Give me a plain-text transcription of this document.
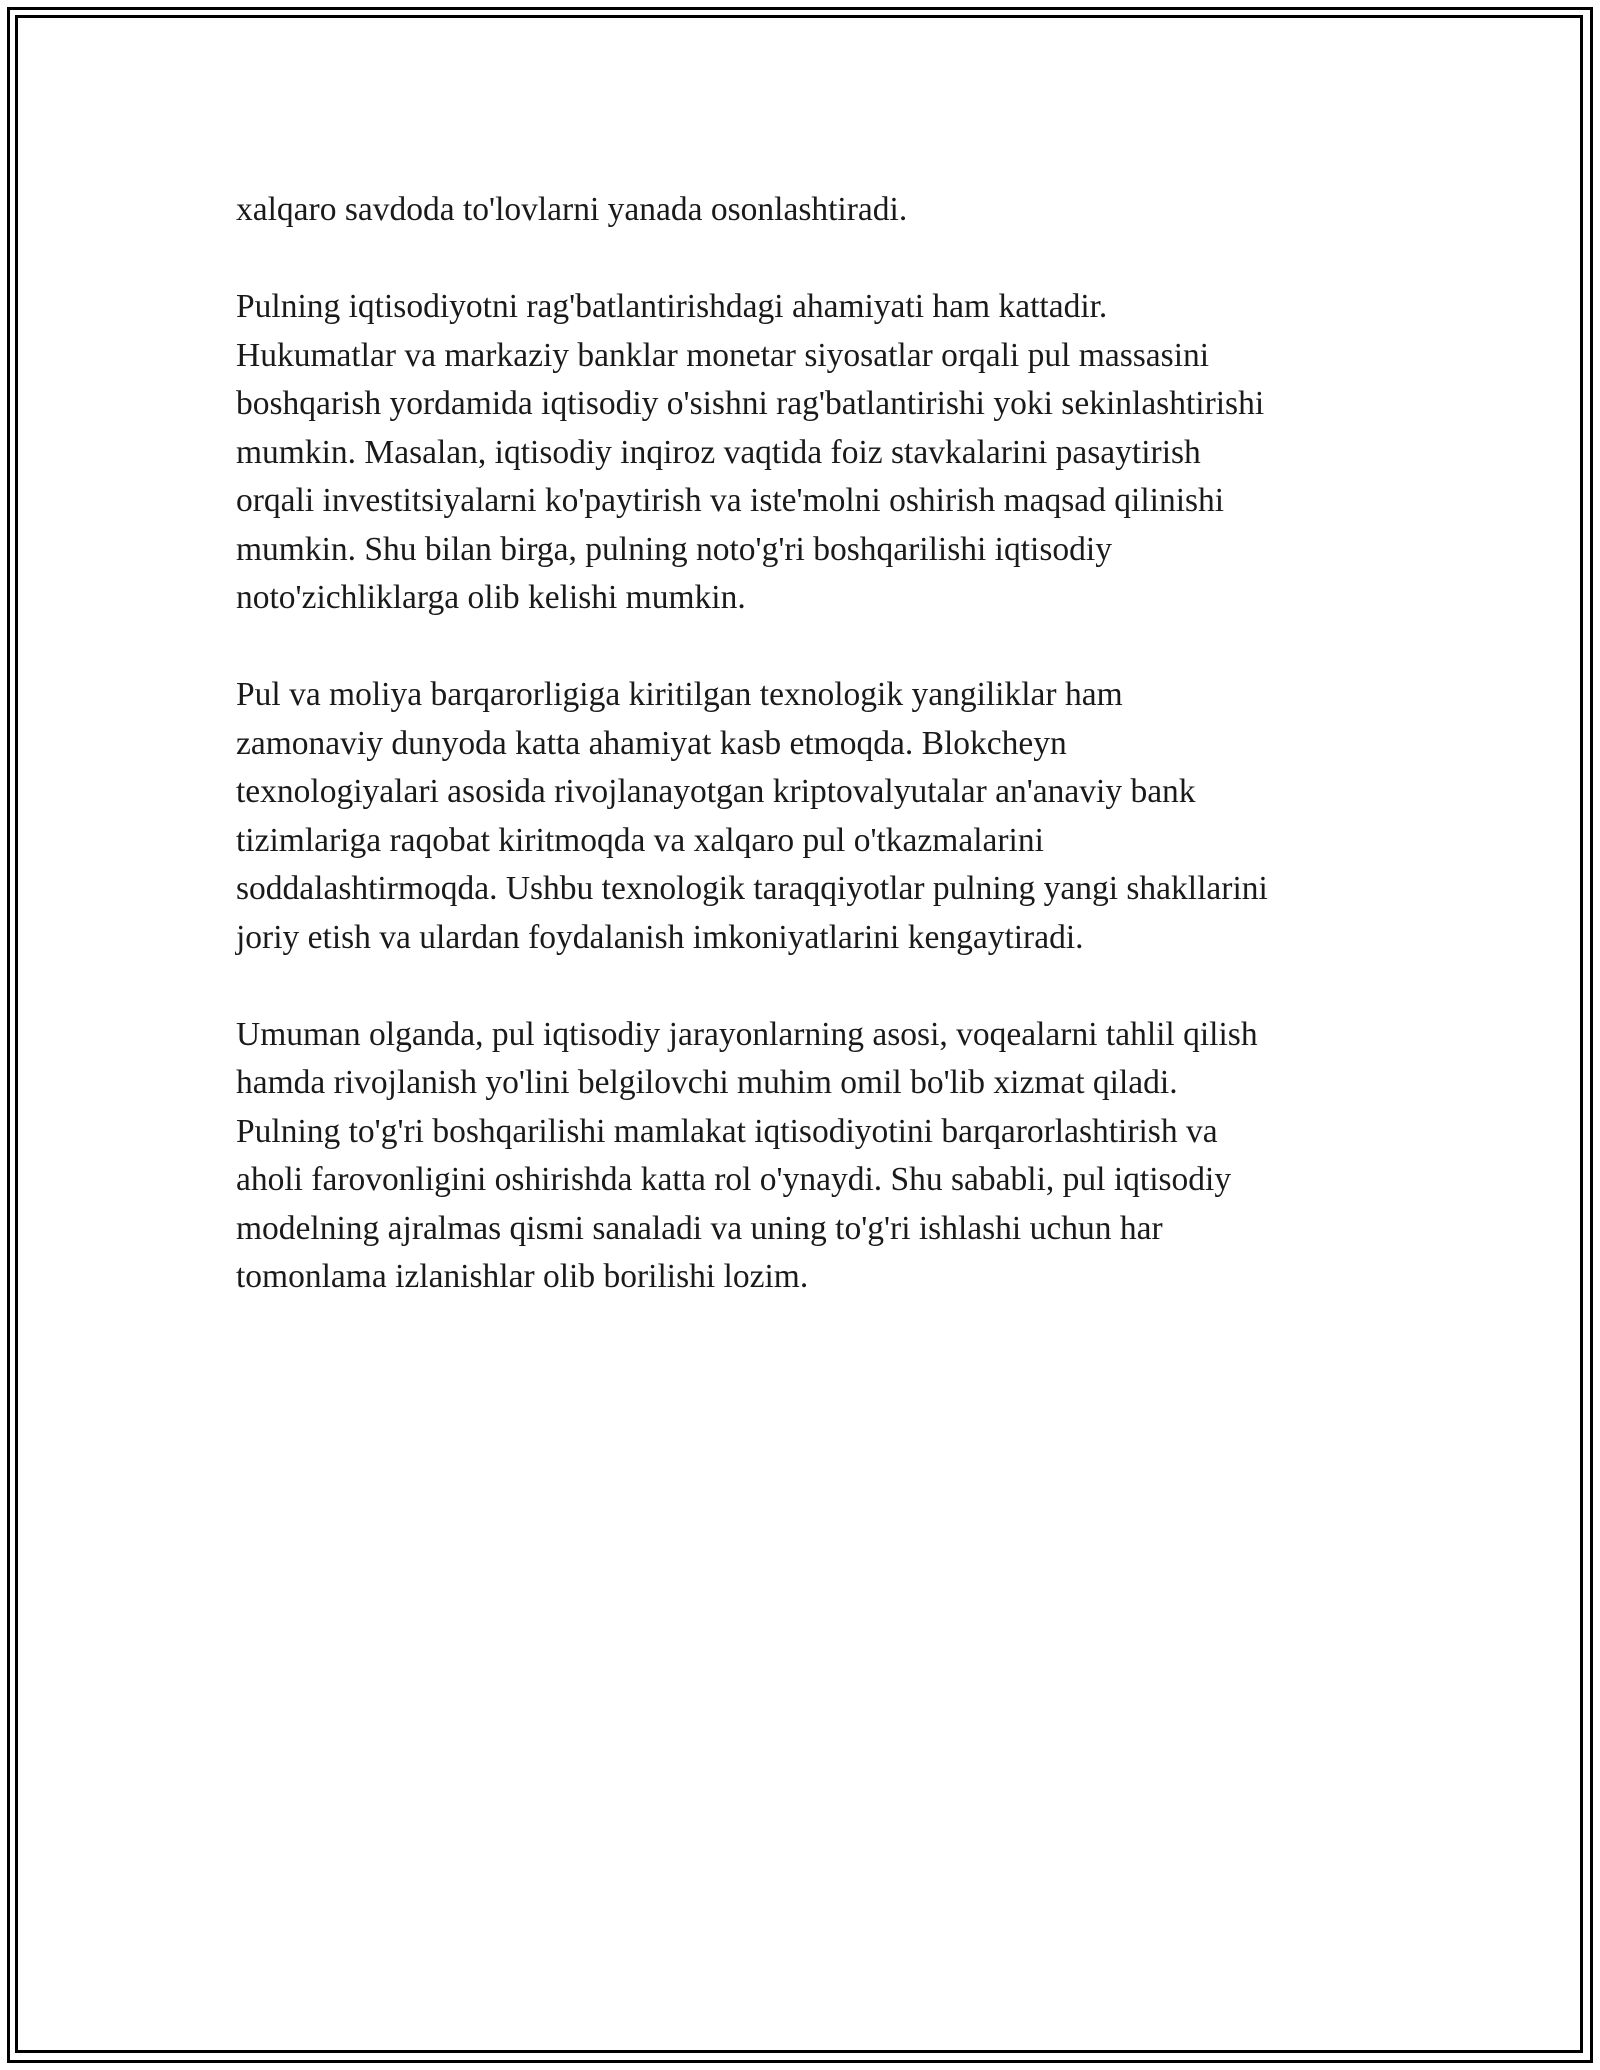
xalqaro savdoda to'lovlarni yanada osonlashtiradi.

Pulning iqtisodiyotni rag'batlantirishdagi ahamiyati ham kattadir.
Hukumatlar va markaziy banklar monetar siyosatlar orqali pul massasini
boshqarish yordamida iqtisodiy o'sishni rag'batlantirishi yoki sekinlashtirishi
mumkin. Masalan, iqtisodiy inqiroz vaqtida foiz stavkalarini pasaytirish
orqali investitsiyalarni ko'paytirish va iste'molni oshirish maqsad qilinishi
mumkin. Shu bilan birga, pulning noto'g'ri boshqarilishi iqtisodiy
noto'zichliklarga olib kelishi mumkin.

Pul va moliya barqarorligiga kiritilgan texnologik yangiliklar ham
zamonaviy dunyoda katta ahamiyat kasb etmoqda. Blokcheyn
texnologiyalari asosida rivojlanayotgan kriptovalyutalar an'anaviy bank
tizimlariga raqobat kiritmoqda va xalqaro pul o'tkazmalarini
soddalashtirmoqda. Ushbu texnologik taraqqiyotlar pulning yangi shakllarini
joriy etish va ulardan foydalanish imkoniyatlarini kengaytiradi.

Umuman olganda, pul iqtisodiy jarayonlarning asosi, voqealarni tahlil qilish
hamda rivojlanish yo'lini belgilovchi muhim omil bo'lib xizmat qiladi.
Pulning to'g'ri boshqarilishi mamlakat iqtisodiyotini barqarorlashtirish va
aholi farovonligini oshirishda katta rol o'ynaydi. Shu sababli, pul iqtisodiy
modelning ajralmas qismi sanaladi va uning to'g'ri ishlashi uchun har
tomonlama izlanishlar olib borilishi lozim.
